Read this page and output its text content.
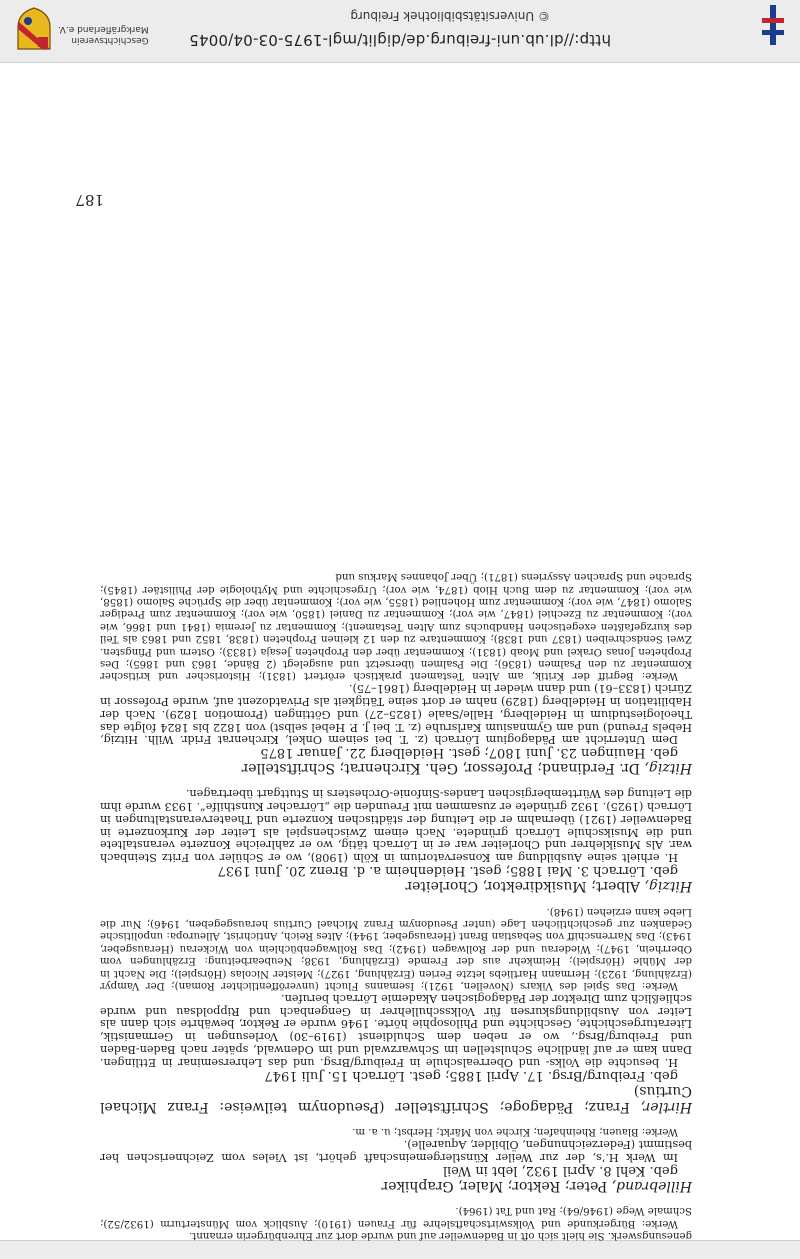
genesungswerk. Sie hielt sich oft in Badenweiler auf und wurde dort zur Ehrenbürgerin ernannt.

Werke: Bürgerkunde und Volkswirtschaftslehre für Frauen (1910); Ausblick vom Münsterturm (1932/52); Schmale Wege (1946/64); Rat und Tat (1964).

Hillebrand, Peter; Rektor; Maler, Graphiker

geb. Kehl 8. April 1932, lebt in Weil

Im Werk H.’s, der zur Weiler Künstlergemeinschaft gehört, ist Vieles vom Zeichnerischen her bestimmt (Federzeichnungen, Ölbilder, Aquarelle).

Werke: Blauen; Rheinhafen; Kirche von Märkt; Herbst; u. a. m.

Hirtler, Franz; Pädagoge; Schriftsteller (Pseudonym teilweise: Franz Michael Curtius)

geb. Freiburg/Brsg. 17. April 1885; gest. Lörrach 15. Juli 1947

H. besuchte die Volks- und Oberrealschule in Freiburg/Brsg. und das Lehrerseminar in Ettlingen. Dann kam er auf ländliche Schulstellen im Schwarzwald und im Odenwald, später nach Baden-Baden und Freiburg/Brsg., wo er neben dem Schuldienst (1919–30) Vorlesungen in Germanistik, Literaturgeschichte, Geschichte und Philosophie hörte. 1946 wurde er Rektor, bewährte sich dann als Leiter von Ausbildungskursen für Volksschullehrer in Gengenbach und Rippoldsau und wurde schließlich zum Direktor der Pädagogischen Akademie Lörrach berufen.

Werke: Das Spiel des Vikars (Novellen, 1921); Isemanns Flucht (unveröffentlichter Roman); Der Vampyr (Erzählung, 1923); Hermann Hartliebs letzte Ferien (Erzählung, 1927); Meister Nicolas (Hörspiel); Die Nacht in der Mühle (Hörspiel); Heimkehr aus der Fremde (Erzählung, 1938; Neubearbeitung: Erzählungen vom Oberrhein, 1947); Wiederau und der Rollwagen (1942); Das Rollwagenbüchlein von Wickerau (Herausgeber, 1943); Das Narrenschiff von Sebastian Brant (Herausgeber, 1944); Altes Reich, Antichrist, Alleuropa: unpolitische Gedanken zur geschichtlichen Lage (unter Pseudonym Franz Michael Curtius herausgegeben, 1946); Nur die Liebe kann erziehen (1948).

Hitzig, Albert; Musikdirektor, Chorleiter

geb. Lörrach 3. Mai 1885; gest. Heidenheim a. d. Brenz 20. Juni 1937

H. erhielt seine Ausbildung am Konservatorium in Köln (1908), wo er Schüler von Fritz Steinbach war. Als Musiklehrer und Chorleiter war er in Lörrach tätig, wo er zahlreiche Konzerte veranstaltete und die Musikschule Lörrach gründete. Nach einem Zwischenspiel als Leiter der Kurkonzerte in Badenweiler (1921) übernahm er die Leitung der städtischen Konzerte und Theaterveranstaltungen in Lörrach (1925). 1932 gründete er zusammen mit Freunden die „Lörracher Kunsthilfe“. 1933 wurde ihm die Leitung des Württembergischen Landes-Sinfonie-Orchesters in Stuttgart übertragen.

Hitzig, Dr. Ferdinand; Professor, Geh. Kirchenrat; Schriftsteller

geb. Hauingen 23. Juni 1807; gest. Heidelberg 22. Januar 1875

Dem Unterricht am Pädagogium Lörrach (z. T. bei seinem Onkel, Kirchenrat Fridr. Wilh. Hitzig, Hebels Freund) und am Gymnasium Karlsruhe (z. T. bei J. P. Hebel selbst) von 1822 bis 1824 folgte das Theologiestudium in Heidelberg, Halle/Saale (1825–27) und Göttingen (Promotion 1829). Nach der Habilitation in Heidelberg (1829) nahm er dort seine Tätigkeit als Privatdozent auf, wurde Professor in Zürich (1833–61) und dann wieder in Heidelberg (1861–75).

Werke: Begriff der Kritik, am Alten Testament praktisch erörtert (1831); Historischer und kritischer Kommentar zu den Psalmen (1836); Die Psalmen übersetzt und ausgelegt (2 Bände, 1863 und 1865); Des Propheten Jonas Orakel und Moab (1831); Kommentar über den Propheten Jesaja (1833); Ostern und Pfingsten. Zwei Sendschreiben (1837 und 1838); Kommentare zu den 12 kleinen Propheten (1838, 1852 und 1863 als Teil des kurzgefaßten exegetischen Handbuchs zum Alten Testament); Kommentar zu Jeremia (1841 und 1866, wie vor); Kommentar zu Ezechiel (1847, wie vor); Kommentar zu Daniel (1850, wie vor); Kommentar zum Prediger Salomo (1847, wie vor); Kommentar zum Hohenlied (1855, wie vor); Kommentar über die Sprüche Salomo (1858, wie vor); Kommentar zu dem Buch Hiob (1874, wie vor); Urgeschichte und Mythologie der Philistäer (1845); Sprache und Sprachen Assyriens (1871); Über Johannes Markus und

187
http://dl.ub.uni-freiburg.de/diglit/mgl-1975-03-04/0045
© Universitätsbibliothek Freiburg
Geschichtsverein
Markgräflerland e.V.
